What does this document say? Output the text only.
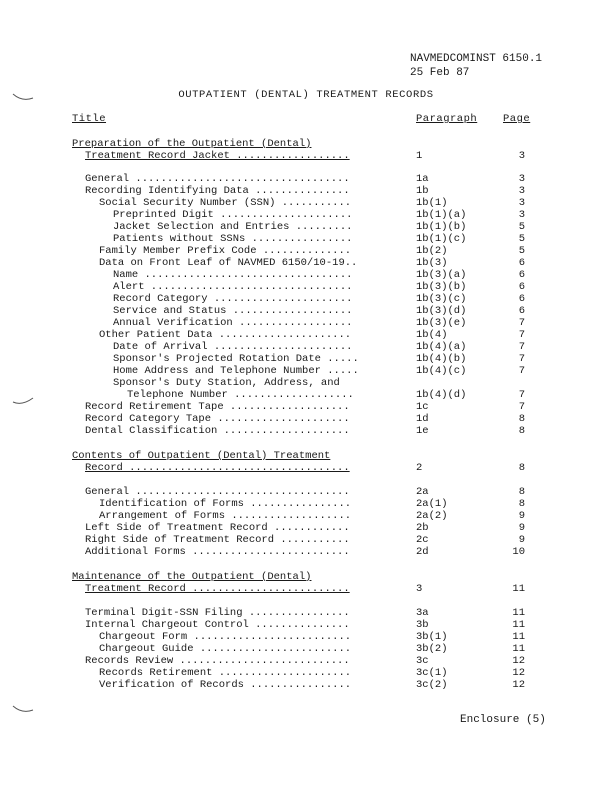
NAVMEDCOMINST 6150.1
25 Feb 87
OUTPATIENT (DENTAL) TREATMENT RECORDS
Title	Paragraph Page
Preparation of the Outpatient (Dental)
Treatment Record Jacket ..................	1	3
General ..................................	1a	3
Recording Identifying Data ...............	1b	3
Social Security Number (SSN) ...........	1b(1)	3
Preprinted Digit .....................	1b(1)(a)	3
Jacket Selection and Entries .........	1b(1)(b)	5
Patients without SSNs ................	1b(1)(c)	5
Family Member Prefix Code ..............	1b(2)	5
Data on Front Leaf of NAVMED 6150/10-19..	1b(3)	6
Name .................................	1b(3)(a)	6
Alert ................................	1b(3)(b)	6
Record Category ......................	1b(3)(c)	6
Service and Status ...................	1b(3)(d)	6
Annual Verification ..................	1b(3)(e)	7
Other Patient Data .....................	1b(4)	7
Date of Arrival ......................	1b(4)(a)	7
Sponsor's Projected Rotation Date .....	1b(4)(b)	7
Home Address and Telephone Number .....	1b(4)(c)	7
Sponsor's Duty Station, Address, and
Telephone Number ...................	1b(4)(d)	7
Record Retirement Tape ...................	1c	7
Record Category Tape .....................	1d	8
Dental Classification ....................	1e	8
Contents of Outpatient (Dental) Treatment
Record ...................................	2	8
General ..................................	2a	8
Identification of Forms ................	2a(1)	8
Arrangement of Forms ...................	2a(2)	9
Left Side of Treatment Record ............	2b	9
Right Side of Treatment Record ...........	2c	9
Additional Forms .........................	2d	10
Maintenance of the Outpatient (Dental)
Treatment Record .........................	3	11
Terminal Digit-SSN Filing ................	3a	11
Internal Chargeout Control ...............	3b	11
Chargeout Form .........................	3b(1)	11
Chargeout Guide ........................	3b(2)	11
Records Review ...........................	3c	12
Records Retirement .....................	3c(1)	12
Verification of Records ................	3c(2)	12
Enclosure (5)
